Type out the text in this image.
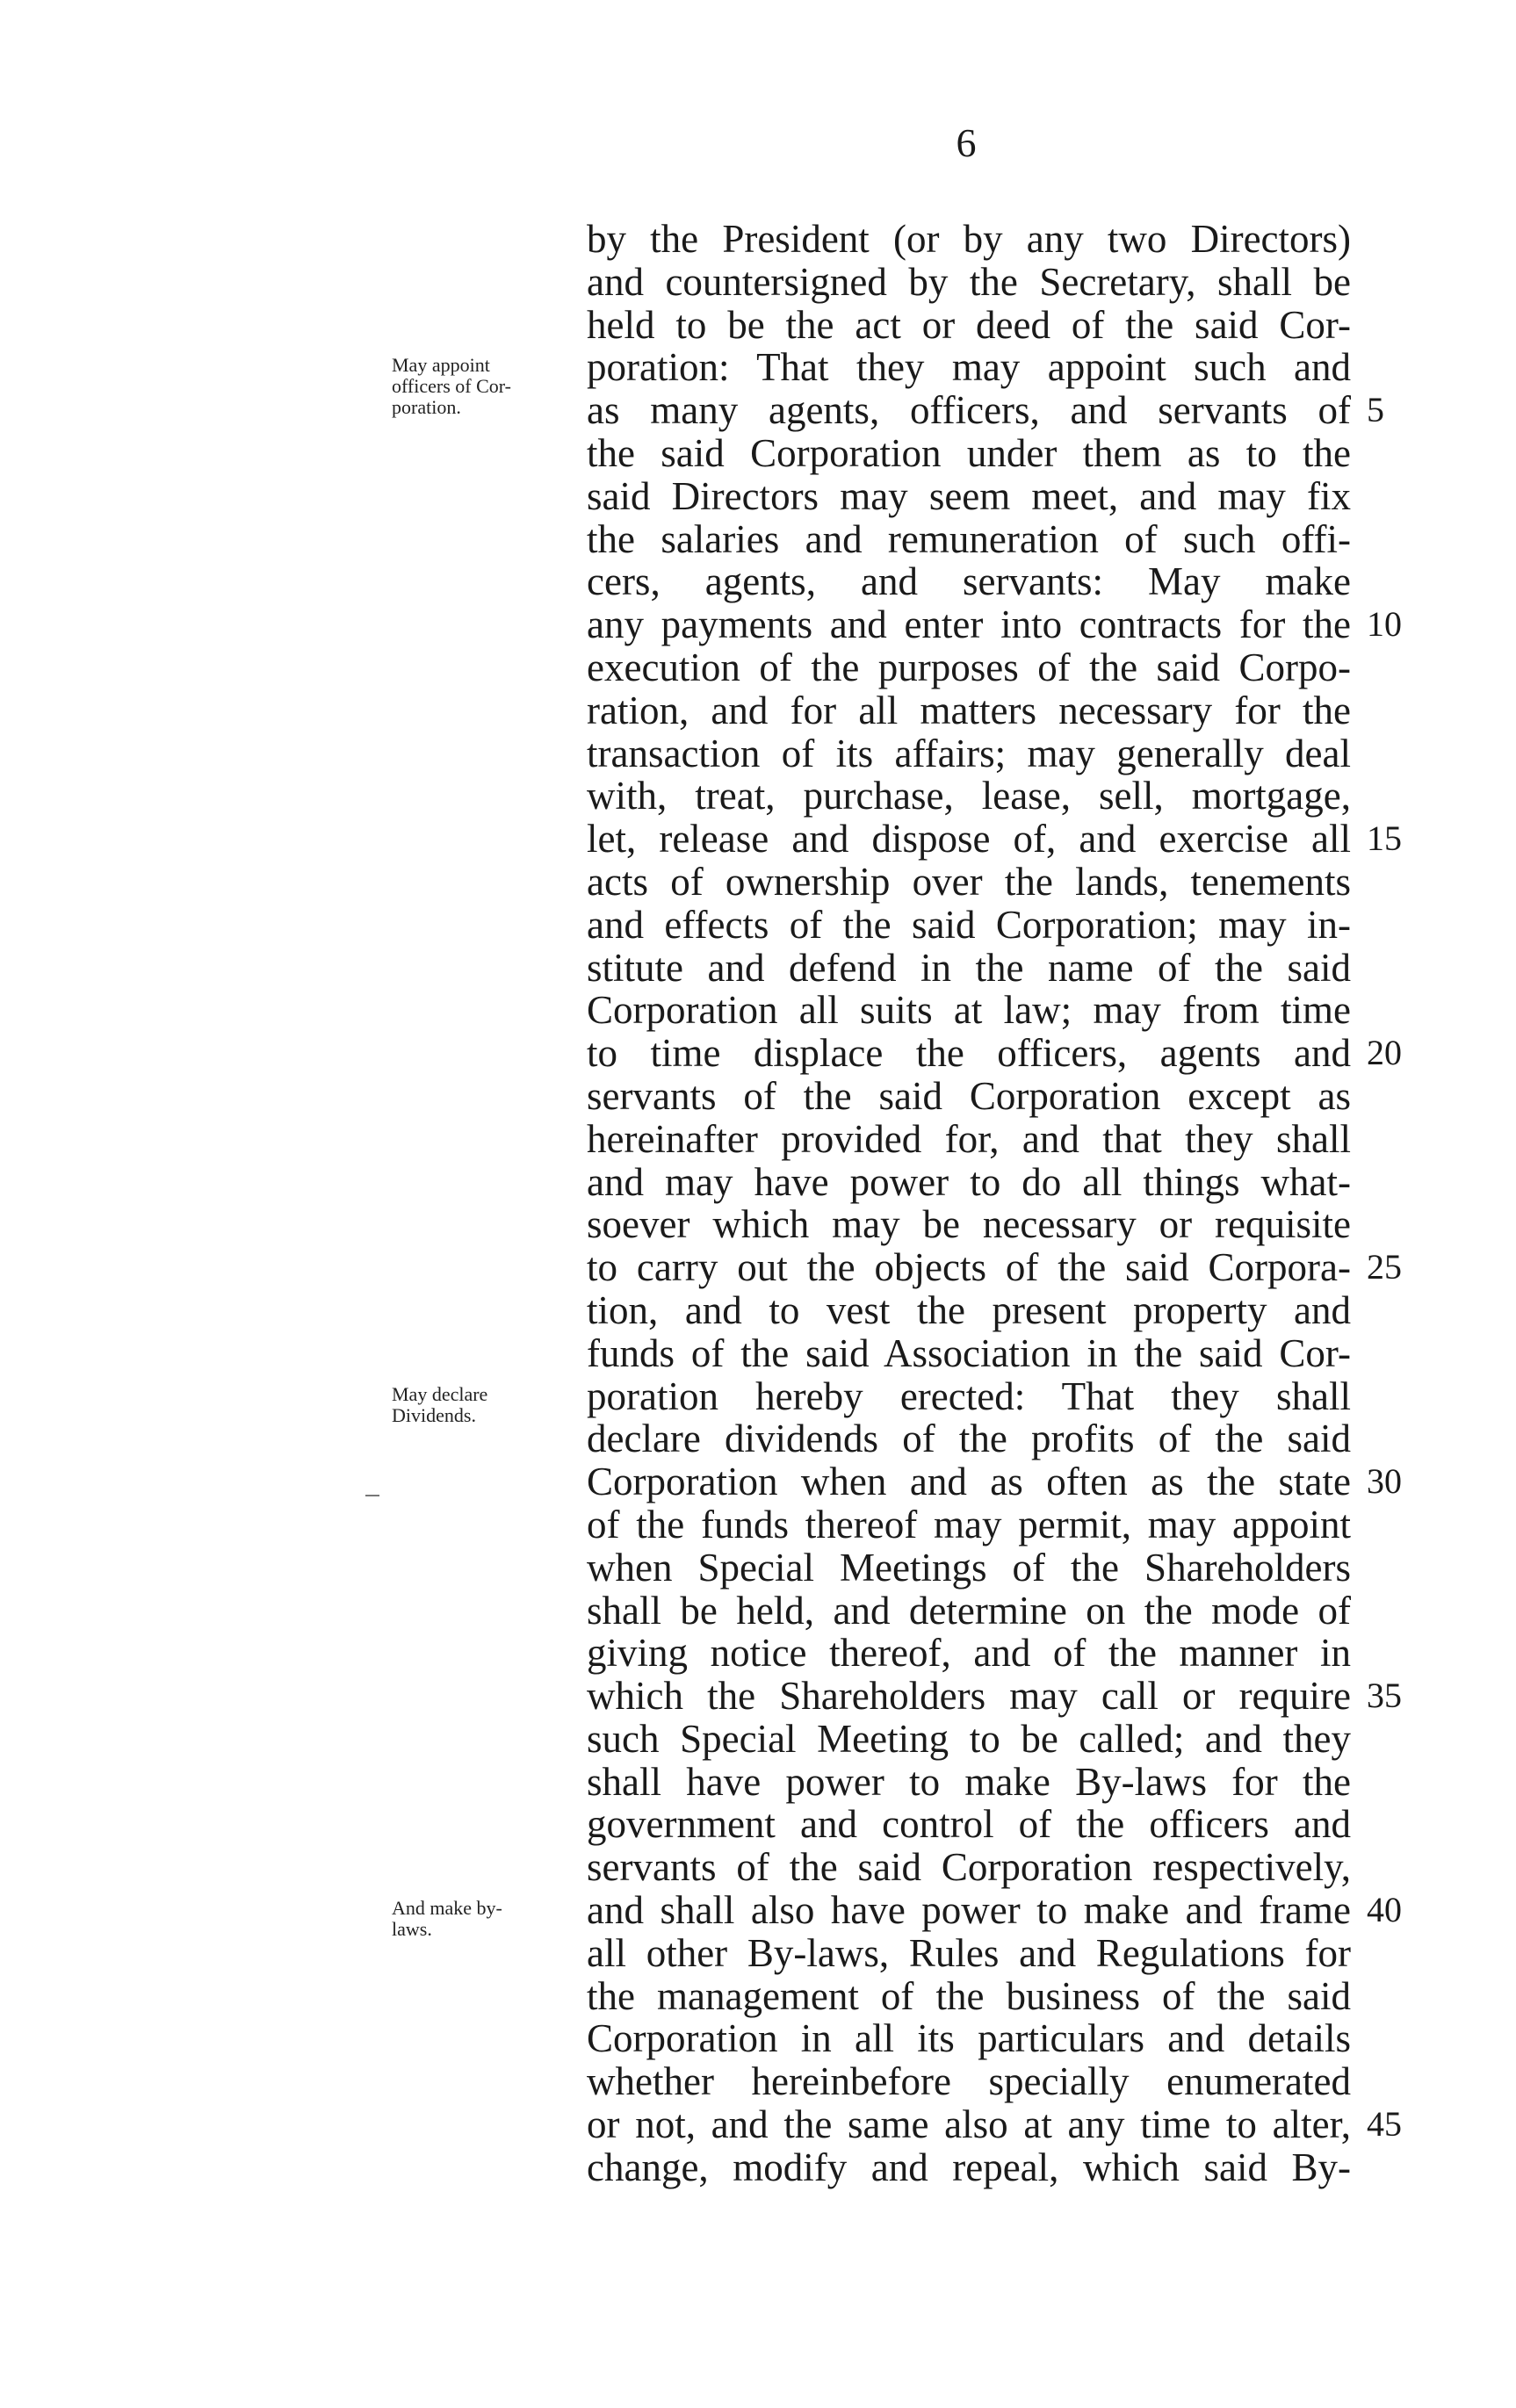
6
by the President (or by any two Directors)
and countersigned by the Secretary, shall be
held to be the act or deed of the said Cor-
poration: That they may appoint such and
as many agents, officers, and servants of
the said Corporation under them as to the
said Directors may seem meet, and may fix
the salaries and remuneration of such offi-
cers, agents, and servants: May make
any payments and enter into contracts for the
execution of the purposes of the said Corpo-
ration, and for all matters necessary for the
transaction of its affairs; may generally deal
with, treat, purchase, lease, sell, mortgage,
let, release and dispose of, and exercise all
acts of ownership over the lands, tenements
and effects of the said Corporation; may in-
stitute and defend in the name of the said
Corporation all suits at law; may from time
to time displace the officers, agents and
servants of the said Corporation except as
hereinafter provided for, and that they shall
and may have power to do all things what-
soever which may be necessary or requisite
to carry out the objects of the said Corpora-
tion, and to vest the present property and
funds of the said Association in the said Cor-
poration hereby erected: That they shall
declare dividends of the profits of the said
Corporation when and as often as the state
of the funds thereof may permit, may appoint
when Special Meetings of the Shareholders
shall be held, and determine on the mode of
giving notice thereof, and of the manner in
which the Shareholders may call or require
such Special Meeting to be called; and they
shall have power to make By-laws for the
government and control of the officers and
servants of the said Corporation respectively,
and shall also have power to make and frame
all other By-laws, Rules and Regulations for
the management of the business of the said
Corporation in all its particulars and details
whether hereinbefore specially enumerated
or not, and the same also at any time to alter,
change, modify and repeal, which said By-
5
10
15
20
25
30
35
40
45
May appoint
officers of Cor-
poration.
May declare
Dividends.
And make by-
laws.
